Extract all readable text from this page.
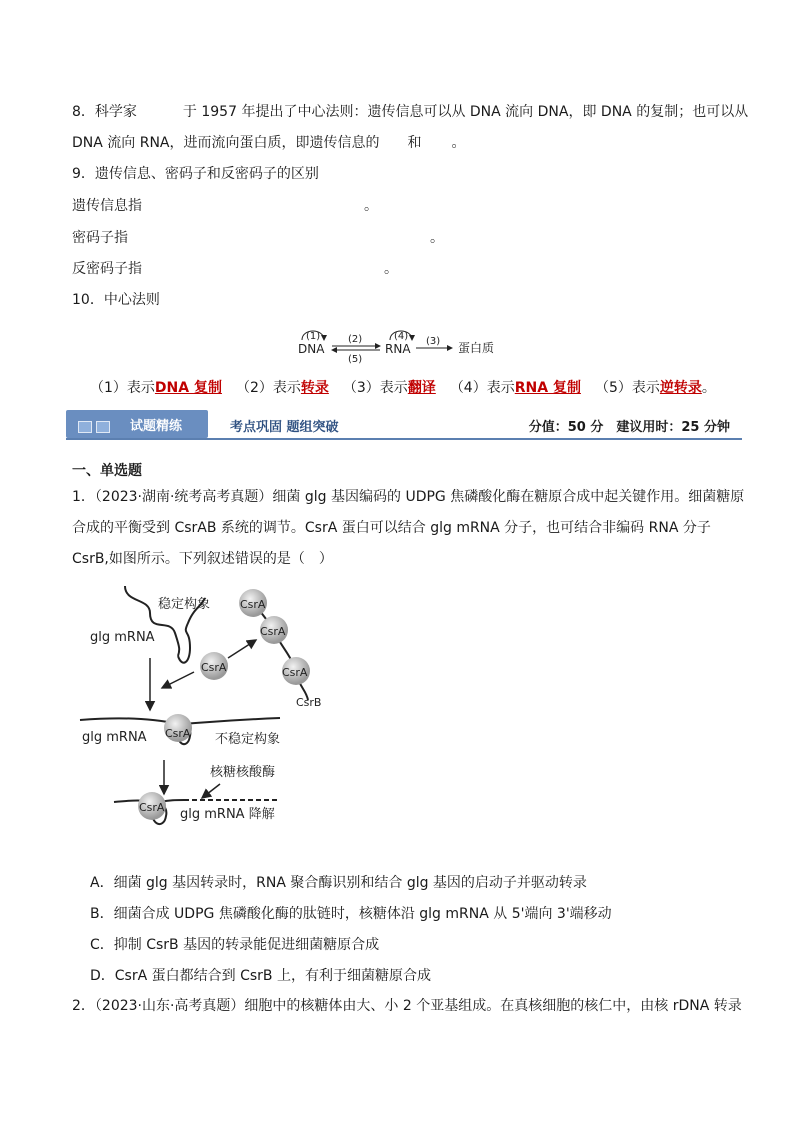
8．科学家	于 1957 年提出了中心法则：遗传信息可以从 DNA 流向 DNA，即 DNA 的复制；也可以从
DNA 流向 RNA，进而流向蛋白质，即遗传信息的 和 。
9．遗传信息、密码子和反密码子的区别
遗传信息指	。
密码子指	。
反密码子指	。
10．中心法则
(1)
DNA
(2)
(5)
(4)
RNA
(3) 蛋白质
（1）表示DNA 复制 （2）表示转录 （3）表示翻译 （4）表示RNA 复制 （5）表示逆转录。
试题精练	考点巩固 题组突破	分值：50 分　建议用时：25 分钟
一、单选题
1．（2023·湖南·统考高考真题）细菌 glg 基因编码的 UDPG 焦磷酸化酶在糖原合成中起关键作用。细菌糖原
合成的平衡受到 CsrAB 系统的调节。CsrA 蛋白可以结合 glg mRNA 分子，也可结合非编码 RNA 分子
CsrB,如图所示。下列叙述错误的是（　）
稳定构象
glg mRNA
CsrA
CsrA
CsrA
CsrB
CsrA
CsrA
glg mRNA	不稳定构象
核糖核酸酶
CsrA glg mRNA 降解
A．细菌 glg 基因转录时，RNA 聚合酶识别和结合 glg 基因的启动子并驱动转录
B．细菌合成 UDPG 焦磷酸化酶的肽链时，核糖体沿 glg mRNA 从 5'端向 3'端移动
C．抑制 CsrB 基因的转录能促进细菌糖原合成
D．CsrA 蛋白都结合到 CsrB 上，有利于细菌糖原合成
2．（2023·山东·高考真题）细胞中的核糖体由大、小 2 个亚基组成。在真核细胞的核仁中，由核 rDNA 转录
